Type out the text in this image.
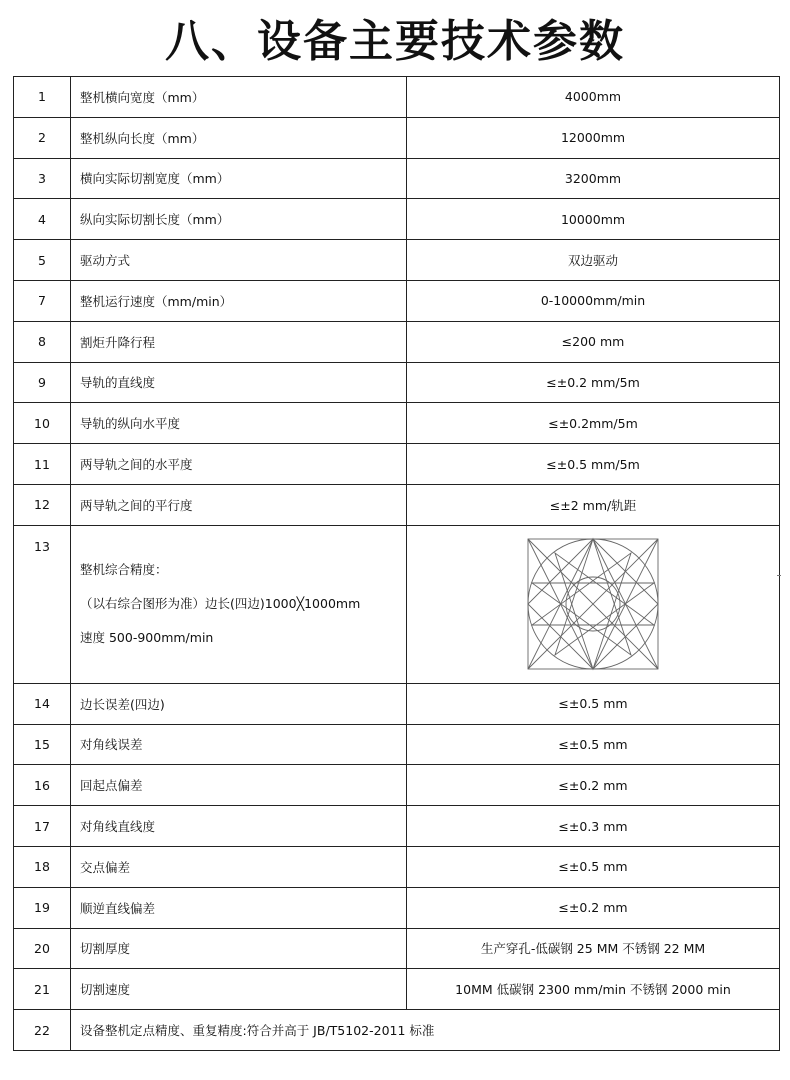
八、设备主要技术参数
1	整机横向宽度（mm）	4000mm
2	整机纵向长度（mm）	12000mm
3	横向实际切割宽度（mm）	3200mm
4	纵向实际切割长度（mm）	10000mm
5	驱动方式	双边驱动
7	整机运行速度（mm/min）	0-10000mm/min
8	割炬升降行程	≤200 mm
9	导轨的直线度	≤±0.2 mm/5m
10	导轨的纵向水平度	≤±0.2mm/5m
11	两导轨之间的水平度	≤±0.5 mm/5m
12	两导轨之间的平行度	≤±2 mm/轨距
13	整机综合精度：
（以右综合图形为准）边长(四边)1000╳1000mm
速度 500-900mm/min

14	边长误差(四边)	≤±0.5 mm
15	对角线误差	≤±0.5 mm
16	回起点偏差	≤±0.2 mm
17	对角线直线度	≤±0.3 mm
18	交点偏差	≤±0.5 mm
19	顺逆直线偏差	≤±0.2 mm
20	切割厚度	生产穿孔-低碳钢 25 MM 不锈钢 22 MM
21	切割速度	10MM 低碳钢 2300 mm/min 不锈钢 2000 min
22	设备整机定点精度、重复精度:符合并高于 JB/T5102-2011 标准	
